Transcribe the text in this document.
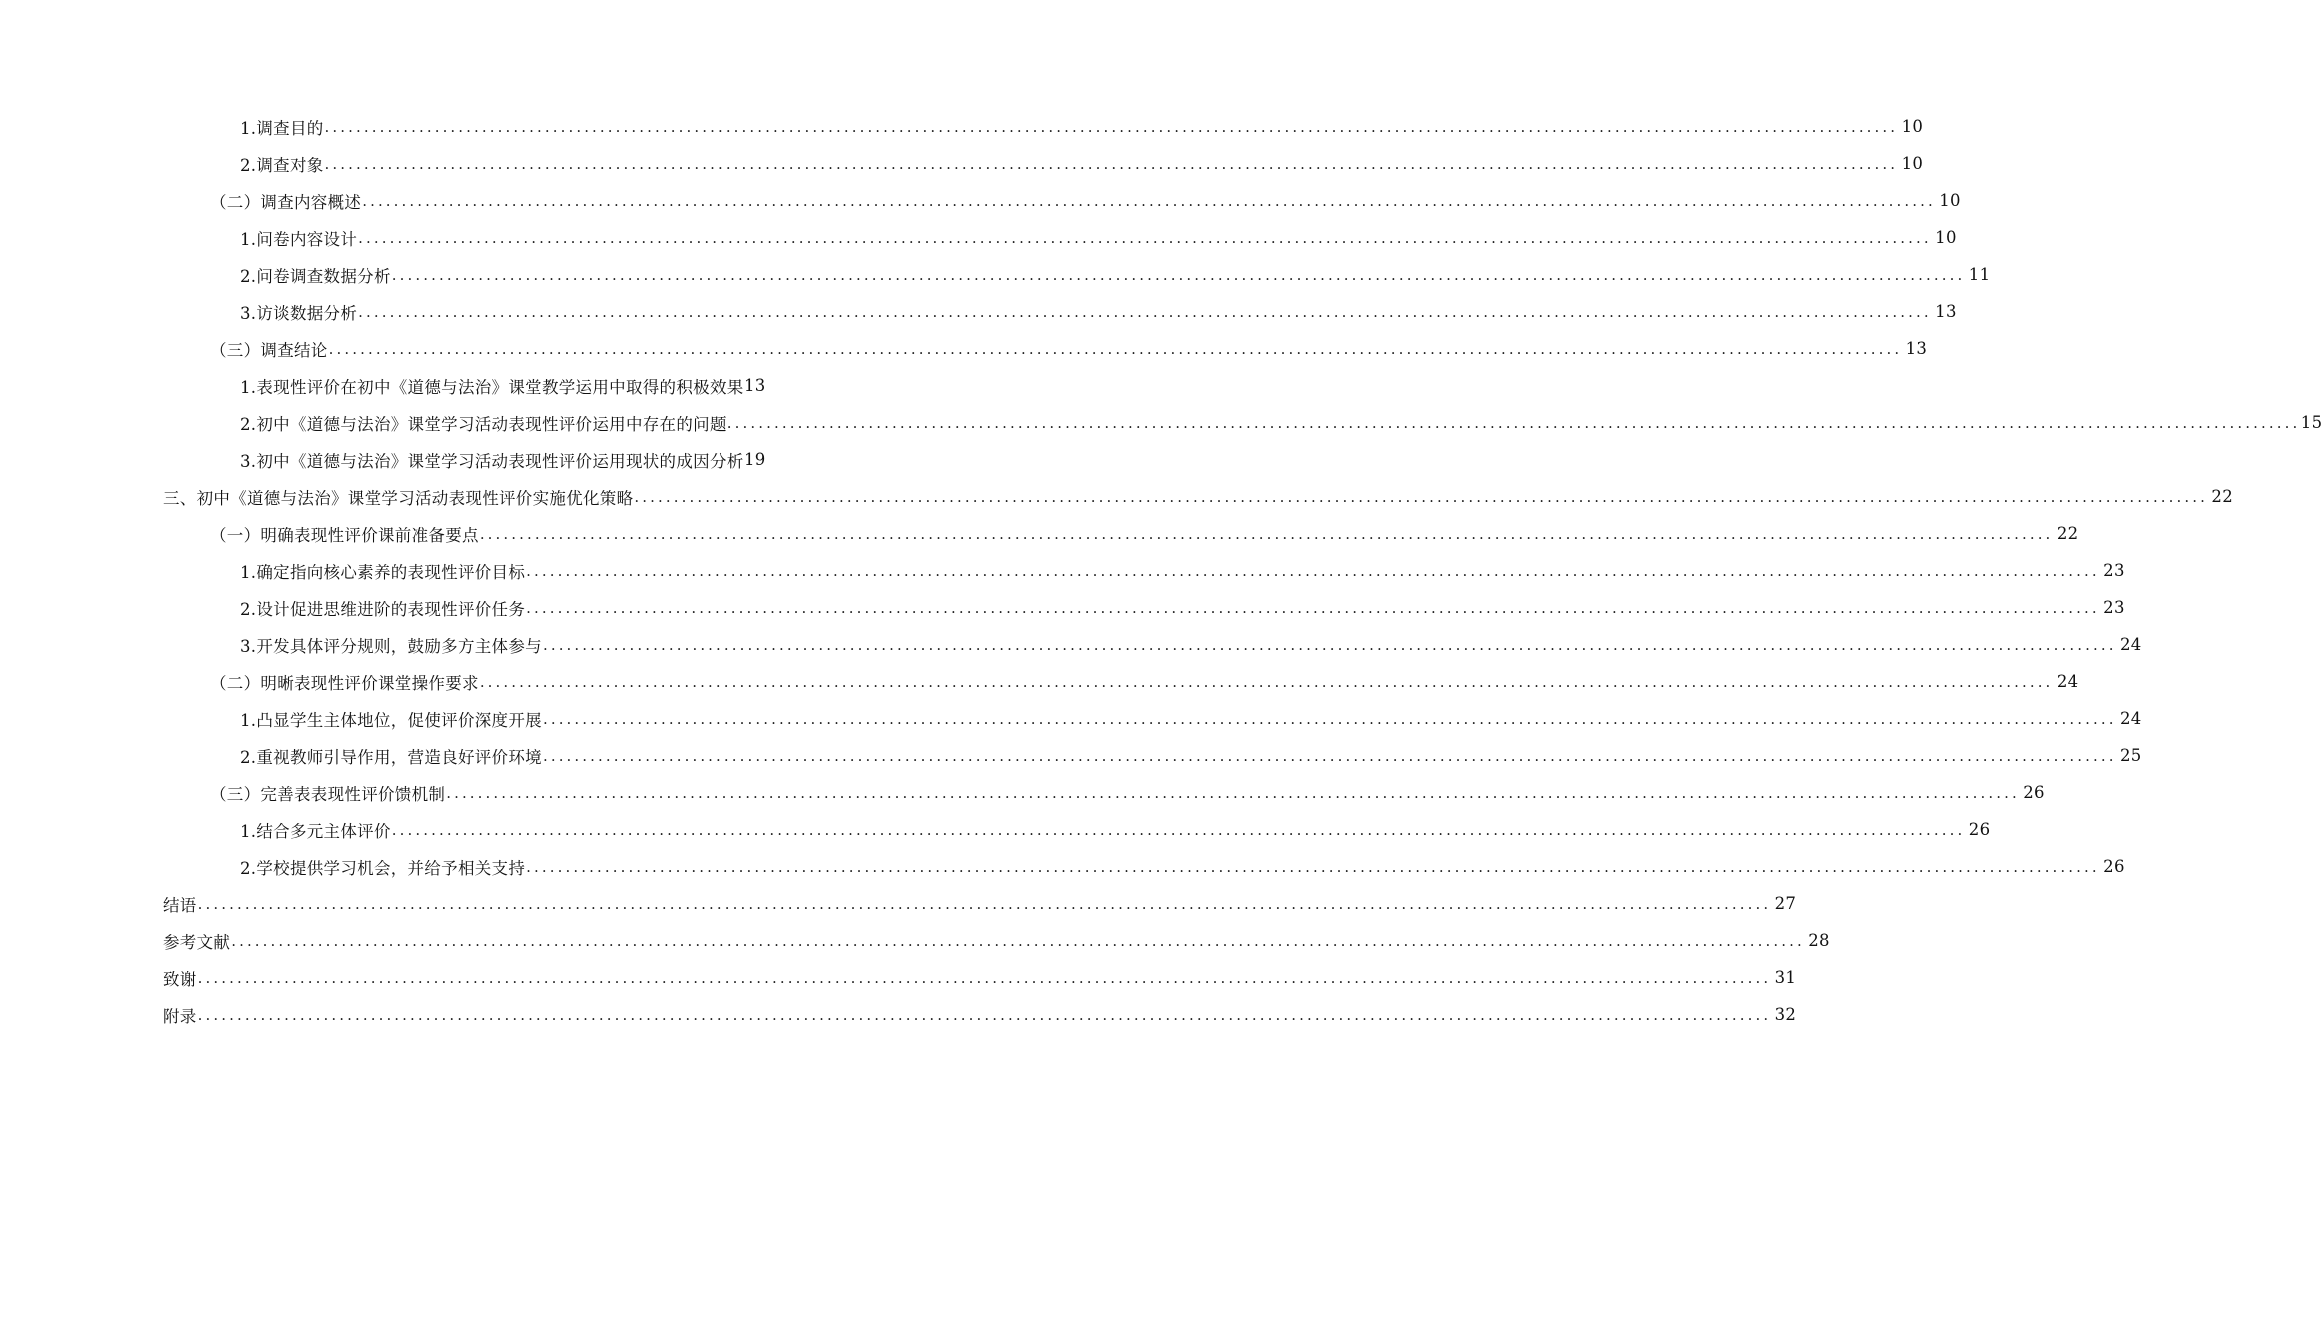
1.调查目的 ........................................................................................................................................................................................................ 10
2.调查对象 ........................................................................................................................................................................................................ 10
（二）调查内容概述 ........................................................................................................................................................................................................ 10
1.问卷内容设计 ........................................................................................................................................................................................................ 10
2.问卷调查数据分析 ........................................................................................................................................................................................................ 11
3.访谈数据分析 ........................................................................................................................................................................................................ 13
（三）调查结论 ........................................................................................................................................................................................................ 13
1.表现性评价在初中《道德与法治》课堂教学运用中取得的积极效果 13
2.初中《道德与法治》课堂学习活动表现性评价运用中存在的问题 ........................................................................................................................................................................................................ 15
3.初中《道德与法治》课堂学习活动表现性评价运用现状的成因分析 19
三、初中《道德与法治》课堂学习活动表现性评价实施优化策略 ........................................................................................................................................................................................................ 22
（一）明确表现性评价课前准备要点 ........................................................................................................................................................................................................ 22
1.确定指向核心素养的表现性评价目标 ........................................................................................................................................................................................................ 23
2.设计促进思维进阶的表现性评价任务 ........................................................................................................................................................................................................ 23
3.开发具体评分规则，鼓励多方主体参与 ........................................................................................................................................................................................................ 24
（二）明晰表现性评价课堂操作要求 ........................................................................................................................................................................................................ 24
1.凸显学生主体地位，促使评价深度开展 ........................................................................................................................................................................................................ 24
2.重视教师引导作用，营造良好评价环境 ........................................................................................................................................................................................................ 25
（三）完善表表现性评价馈机制 ........................................................................................................................................................................................................ 26
1.结合多元主体评价 ........................................................................................................................................................................................................ 26
2.学校提供学习机会，并给予相关支持 ........................................................................................................................................................................................................ 26
结语 ........................................................................................................................................................................................................ 27
参考文献 ........................................................................................................................................................................................................ 28
致谢 ........................................................................................................................................................................................................ 31
附录 ........................................................................................................................................................................................................ 32
